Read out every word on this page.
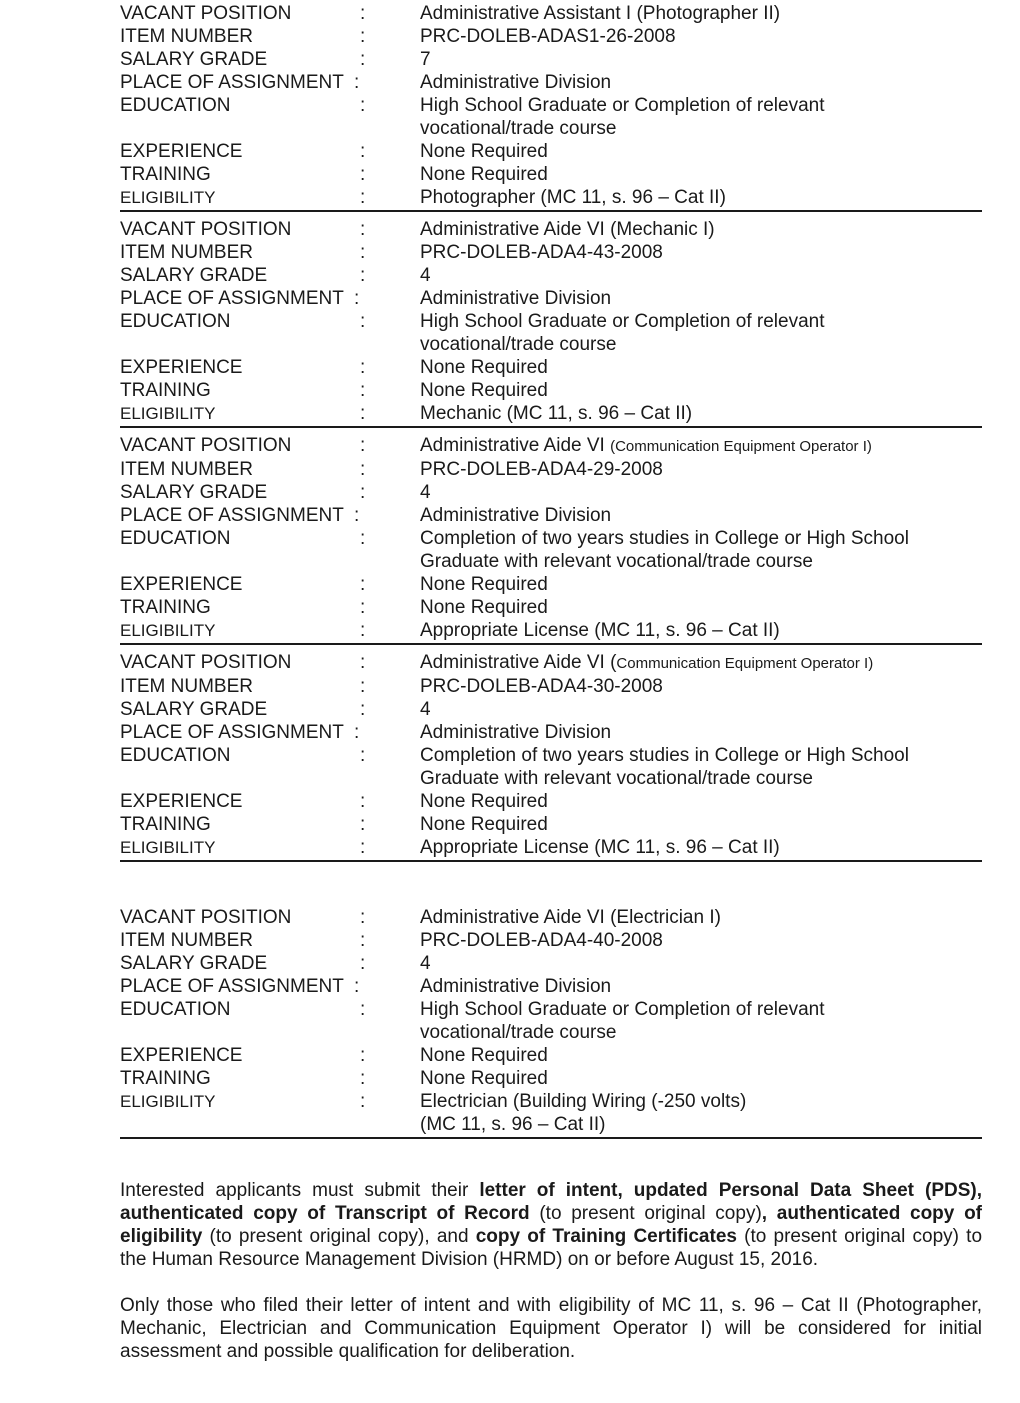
VACANT POSITION	:	Administrative Assistant I (Photographer II)
ITEM NUMBER	:	PRC-DOLEB-ADAS1-26-2008
SALARY GRADE	:	7
PLACE OF ASSIGNMENT :	Administrative Division
EDUCATION	:	High School Graduate or Completion of relevant
vocational/trade course
EXPERIENCE	:	None Required
TRAINING	:	None Required
ELIGIBILITY	:	Photographer (MC 11, s. 96 – Cat II)
VACANT POSITION	:	Administrative Aide VI (Mechanic I)
ITEM NUMBER	:	PRC-DOLEB-ADA4-43-2008
SALARY GRADE	:	4
PLACE OF ASSIGNMENT :	Administrative Division
EDUCATION	:	High School Graduate or Completion of relevant
vocational/trade course
EXPERIENCE	:	None Required
TRAINING	:	None Required
ELIGIBILITY	:	Mechanic (MC 11, s. 96 – Cat II)
VACANT POSITION	:	Administrative Aide VI (Communication Equipment Operator I)
ITEM NUMBER	:	PRC-DOLEB-ADA4-29-2008
SALARY GRADE	:	4
PLACE OF ASSIGNMENT :	Administrative Division
EDUCATION	:	Completion of two years studies in College or High School
Graduate with relevant vocational/trade course
EXPERIENCE	:	None Required
TRAINING	:	None Required
ELIGIBILITY	:	Appropriate License (MC 11, s. 96 – Cat II)
VACANT POSITION	:	Administrative Aide VI (Communication Equipment Operator I)
ITEM NUMBER	:	PRC-DOLEB-ADA4-30-2008
SALARY GRADE	:	4
PLACE OF ASSIGNMENT :	Administrative Division
EDUCATION	:	Completion of two years studies in College or High School
Graduate with relevant vocational/trade course
EXPERIENCE	:	None Required
TRAINING	:	None Required
ELIGIBILITY	:	Appropriate License (MC 11, s. 96 – Cat II)
VACANT POSITION	:	Administrative Aide VI (Electrician I)
ITEM NUMBER	:	PRC-DOLEB-ADA4-40-2008
SALARY GRADE	:	4
PLACE OF ASSIGNMENT :	Administrative Division
EDUCATION	:	High School Graduate or Completion of relevant
vocational/trade course
EXPERIENCE	:	None Required
TRAINING	:	None Required
ELIGIBILITY	:	Electrician (Building Wiring (-250 volts)
(MC 11, s. 96 – Cat II)

Interested applicants must submit their letter of intent, updated Personal Data Sheet (PDS), authenticated copy of Transcript of Record (to present original copy), authenticated copy of eligibility (to present original copy), and copy of Training Certificates (to present original copy) to the Human Resource Management Division (HRMD) on or before August 15, 2016.

Only those who filed their letter of intent and with eligibility of MC 11, s. 96 – Cat II (Photographer, Mechanic, Electrician and Communication Equipment Operator I) will be considered for initial assessment and possible qualification for deliberation.
